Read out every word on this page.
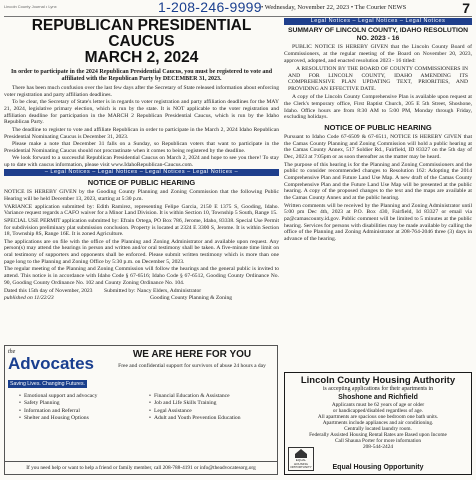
Lincoln County Journal • Lynx	1-208-246-9999 • Wednesday, November 22, 2023 • The Courier NEWS	7
REPUBLICAN PRESIDENTIAL CAUCUS
MARCH 2, 2024
In order to participate in the 2024 Republican Presidential Caucus, you must be registered to vote and affiliated with the Republican Party by DECEMBER 31, 2023.

There has been much confusion over the last few days after the Secretary of State released information about enforcing voter registration and party affiliation deadlines.

To be clear, the Secretary of State's letter is in regards to voter registration and party affiliation deadlines for the MAY 21, 2024, legislative primary election, which is run by the state. It is NOT applicable to the voter registration and affiliation deadline for participation in the MARCH 2 Republican Presidential Caucus, which is run by the Idaho Republican Party.

The deadline to register to vote and affiliate Republican in order to participate in the March 2, 2024 Idaho Republican Presidential Nominating Caucus is December 31, 2023.

Please make a note that December 31 falls on a Sunday, so Republican voters that want to participate in the Presidential Nominating Caucus should not procrastinate when it comes to being registered by the deadline.

We look forward to a successful Republican Presidential Caucus on March 2, 2024 and hope to see you there! To stay up to date with caucus information, please visit www.IdahoRepublican-Caucus.com.

– Legal Notices – Legal Notices – Legal Notices – Legal Notices –
NOTICE OF PUBLIC HEARING

NOTICE IS HEREBY GIVEN by the Gooding County Planning and Zoning Commission that the following Public Hearing will be held December 13, 2023, starting at 5:30 p.m.

VARIANCE application submitted by: Edith Ramirez, representing Felipe Garcia, 2150 E 1375 S, Gooding, Idaho. Variance request regards a CAFO waiver for a Minor Land Division. It is within Section 10, Township 5 South, Range 15.

SPECIAL USE PERMIT application submitted by: Efrain Ortega, PO Box 786, Jerome, Idaho, 83338. Special Use Permit for subdivision preliminary plat submission conclusion. Property is located at 2324 E 3300 S, Jerome. It is within Section 18, Township 8S, Range 16E. It is zoned Agriculture.

The applications are on file with the office of the Planning and Zoning Administrator and available upon request. Any person(s) may attend the hearings in person and written and/or oral testimony shall be taken. A five-minute time limit on oral testimony of supporters and opponents shall be enforced. Please submit written testimony which is more than one page long to the Planning and Zoning Office by 5:30 p.m. on December 5, 2023.

The regular meeting of the Planning and Zoning Commission will follow the hearings and the general public is invited to attend. This notice is in accordance with Idaho Code § 67-6516; Idaho Code § 67-6512, Gooding County Ordinance No. 90, Gooding County Ordinance No. 102 and County Zoning Ordinance No. 104.

Dated this 15th day of November, 2023
published on 11/22/23
Submitted by: Nancy Elders, Administrator
Gooding County Planning & Zoning
the
Advocates
Saving Lives. Changing Futures.
WE ARE HERE FOR YOU
Free and confidential support for survivors of abuse 24 hours a day
• Emotional support and advocacy
• Safety Planning
• Information and Referral
• Shelter and Housing Options
• Financial Education & Assistance
• Job and Life Skills Training
• Legal Assistance
• Adult and Youth Prevention Education
If you need help or want to help a friend or family member, call 208-788-4191 or info@theadvocatesorg.org
Legal Notices – Legal Notices – Legal Notices
SUMMARY OF LINCOLN COUNTY, IDAHO RESOLUTION NO. 2023 - 16

PUBLIC NOTICE IS HEREBY GIVEN that the Lincoln County Board of Commissioners, at the regular meeting of the Board on November 20, 2023, approved, adopted, and enacted resolution 2023 - 16 titled:

A RESOLUTION BY THE BOARD OF COUNTY COMMISSIONERS IN AND FOR LINCOLN COUNTY, IDAHO AMENDING ITS COMPREHENSIVE PLAN UPDATING TEXT, PRIORITIES, AND PROVIDING AN EFFECTIVE DATE.

A copy of the Lincoln County Comprehensive Plan is available upon request at the Clerk's temporary office, First Baptist Church, 205 E 5th Street, Shoshone, Idaho. Office hours are from 8:30 AM to 5:00 PM, Monday through Friday, excluding holidays.

NOTICE OF PUBLIC HEARING

Pursuant to Idaho Code 67-6509 & 67-6511, NOTICE IS HEREBY GIVEN that the Camas County Planning and Zoning Commission will hold a public hearing at the Camas County Annex, 517 Soldier Rd., Fairfield, ID 83327 on the 5th day of Dec, 2023 at 7:05pm or as soon thereafter as the matter may be heard.

The purpose of this hearing is for the Planning and Zoning Commissioners and the public to consider recommended changes to Resolution 162: Adopting the 2014 Comprehensive Plan and Future Land Use Map. A new draft of the Camas County Comprehensive Plan and the Future Land Use Map will be presented at the public hearing. A copy of the proposed changes to the text and the maps are available at the Camas County Annex and at the public hearing.

Written comments will be received by the Planning and Zoning Administrator until 5:00 pm Dec 4th, 2023 at P.O. Box 430, Fairfield, Id 83327 or email via pz@camascounty.id.gov. Public comment will be limited to 5 minutes at the public hearing. Services for persons with disabilities may be made available by calling the office of the Planning and Zoning Administrator at 208-764-2046 three (3) days in advance of the hearing.

Lincoln County Housing Authority
is accepting applications for their apartments in
Shoshone and Richfield
Applicants must be 62 years of age or older
or handicapped/disabled regardless of age.
All apartments are spacious one bedroom one bath units.
Apartments include appliances and air conditioning.
Centrally located laundry room.
Federally Assisted Housing Rental Rates are Based upon Income
Call Shauna Porter for more information
208-544-2424
EQUAL HOUSING OPPORTUNITY	Equal Housing Opportunity
